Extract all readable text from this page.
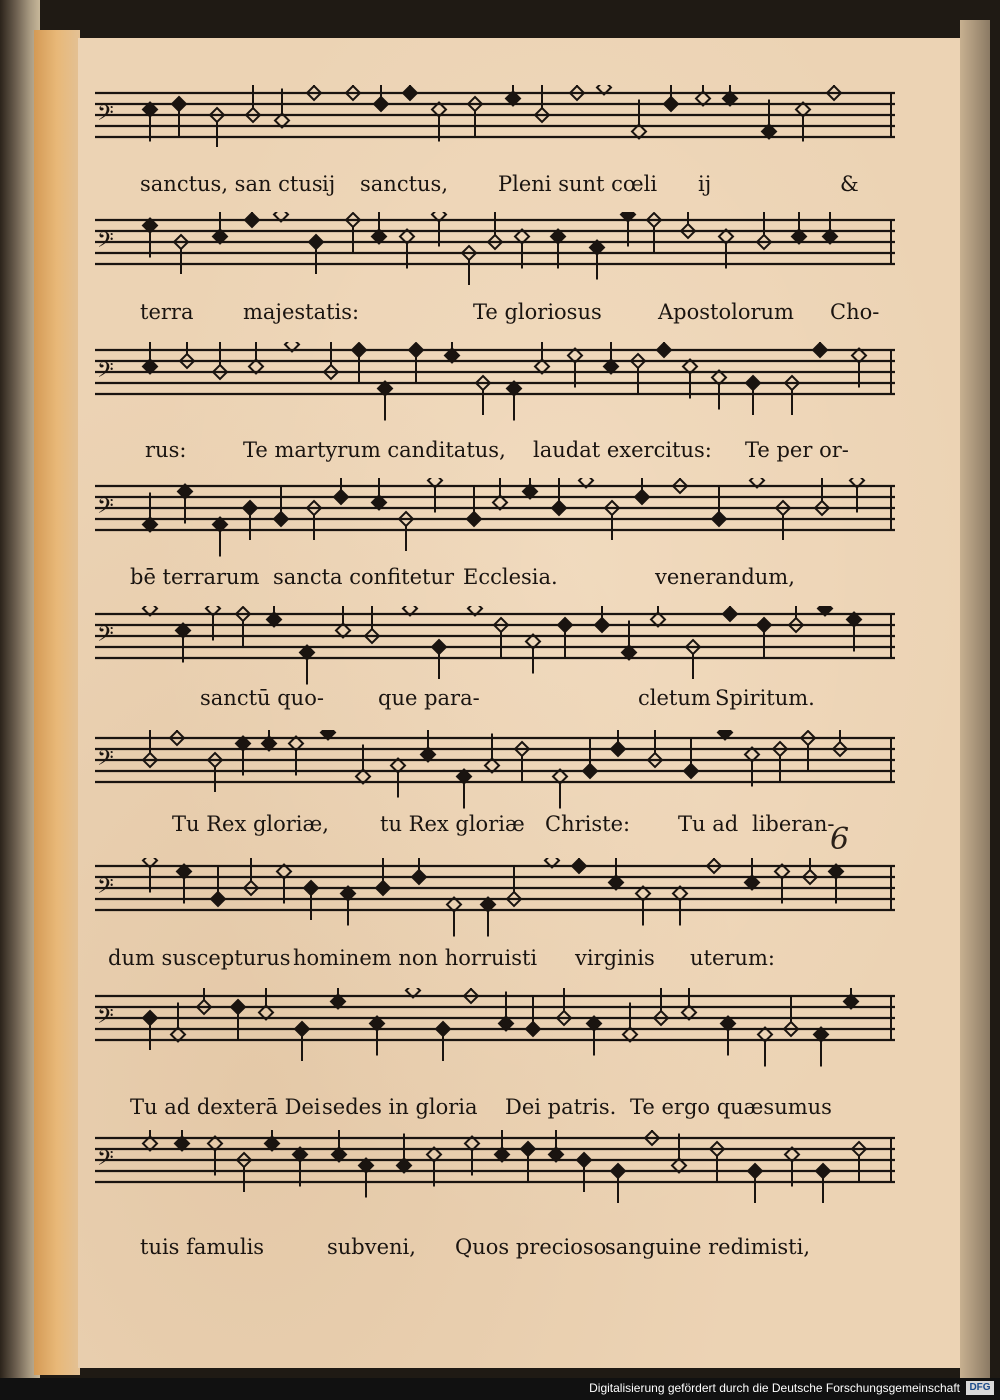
𝄢
𝄢
𝄢
𝄢
𝄢
𝄢
𝄢
𝄢
𝄢
sanctus, san ctus ij sanctus, Pleni sunt cœli ij	&
terra majestatis:	Te gloriosus	Apostolorum Cho-
rus:	Te martyrum canditatus, laudat exercitus: Te per or-
bē terrarum sancta confitetur Ecclesia.	venerandum,
sanctū quo-	que para-	cletum Spiritum.
Tu Rex gloriæ, tu Rex gloriæ Christe: Tu ad liberan-
dum suscepturus hominem non horruisti virginis uterum:
Tu ad dexterā Dei sedes in gloria Dei patris. Te ergo quæsumus
tuis famulis	subveni, Quos precioso
sanguine redimisti,
6
Digitalisierung gefördert durch die Deutsche Forschungsgemeinschaft DFG
